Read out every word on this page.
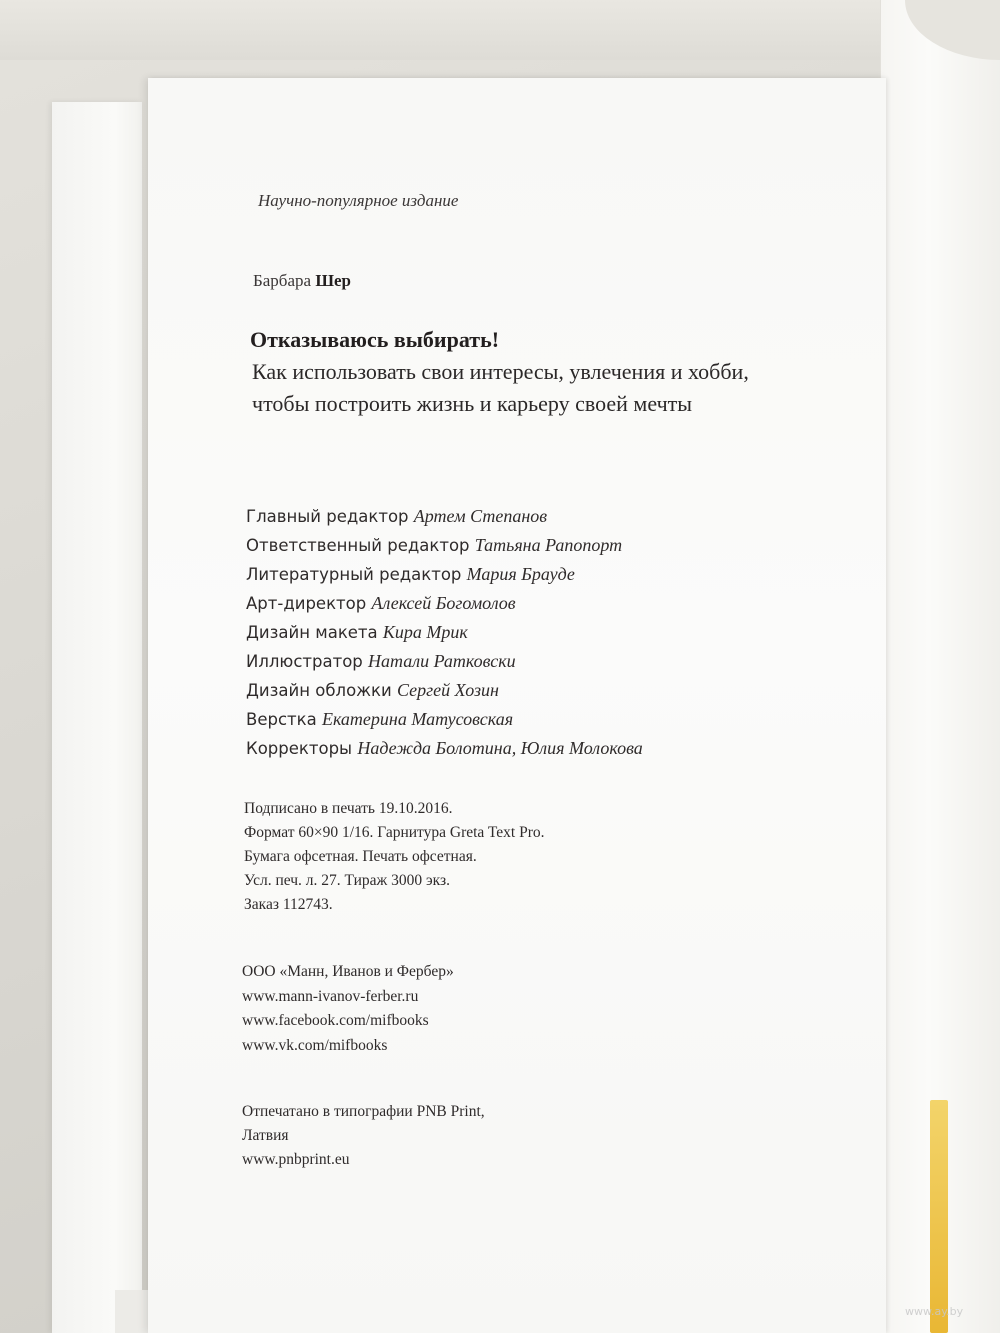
Научно-популярное издание
Барбара Шер
Отказываюсь выбирать!
Как использовать свои интересы, увлечения и хобби,
чтобы построить жизнь и карьеру своей мечты
Главный редактор Артем Степанов
Ответственный редактор Татьяна Рапопорт
Литературный редактор Мария Брауде
Арт-директор Алексей Богомолов
Дизайн макета Кира Мрик
Иллюстратор Натали Ратковски
Дизайн обложки Сергей Хозин
Верстка Екатерина Матусовская
Корректоры Надежда Болотина, Юлия Молокова
Подписано в печать 19.10.2016.
Формат 60×90 1/16. Гарнитура Greta Text Pro.
Бумага офсетная. Печать офсетная.
Усл. печ. л. 27. Тираж 3000 экз.
Заказ 112743.
ООО «Манн, Иванов и Фербер»
www.mann-ivanov-ferber.ru
www.facebook.com/mifbooks
www.vk.com/mifbooks
Отпечатано в типографии PNB Print,
Латвия
www.pnbprint.eu
www.ay.by
